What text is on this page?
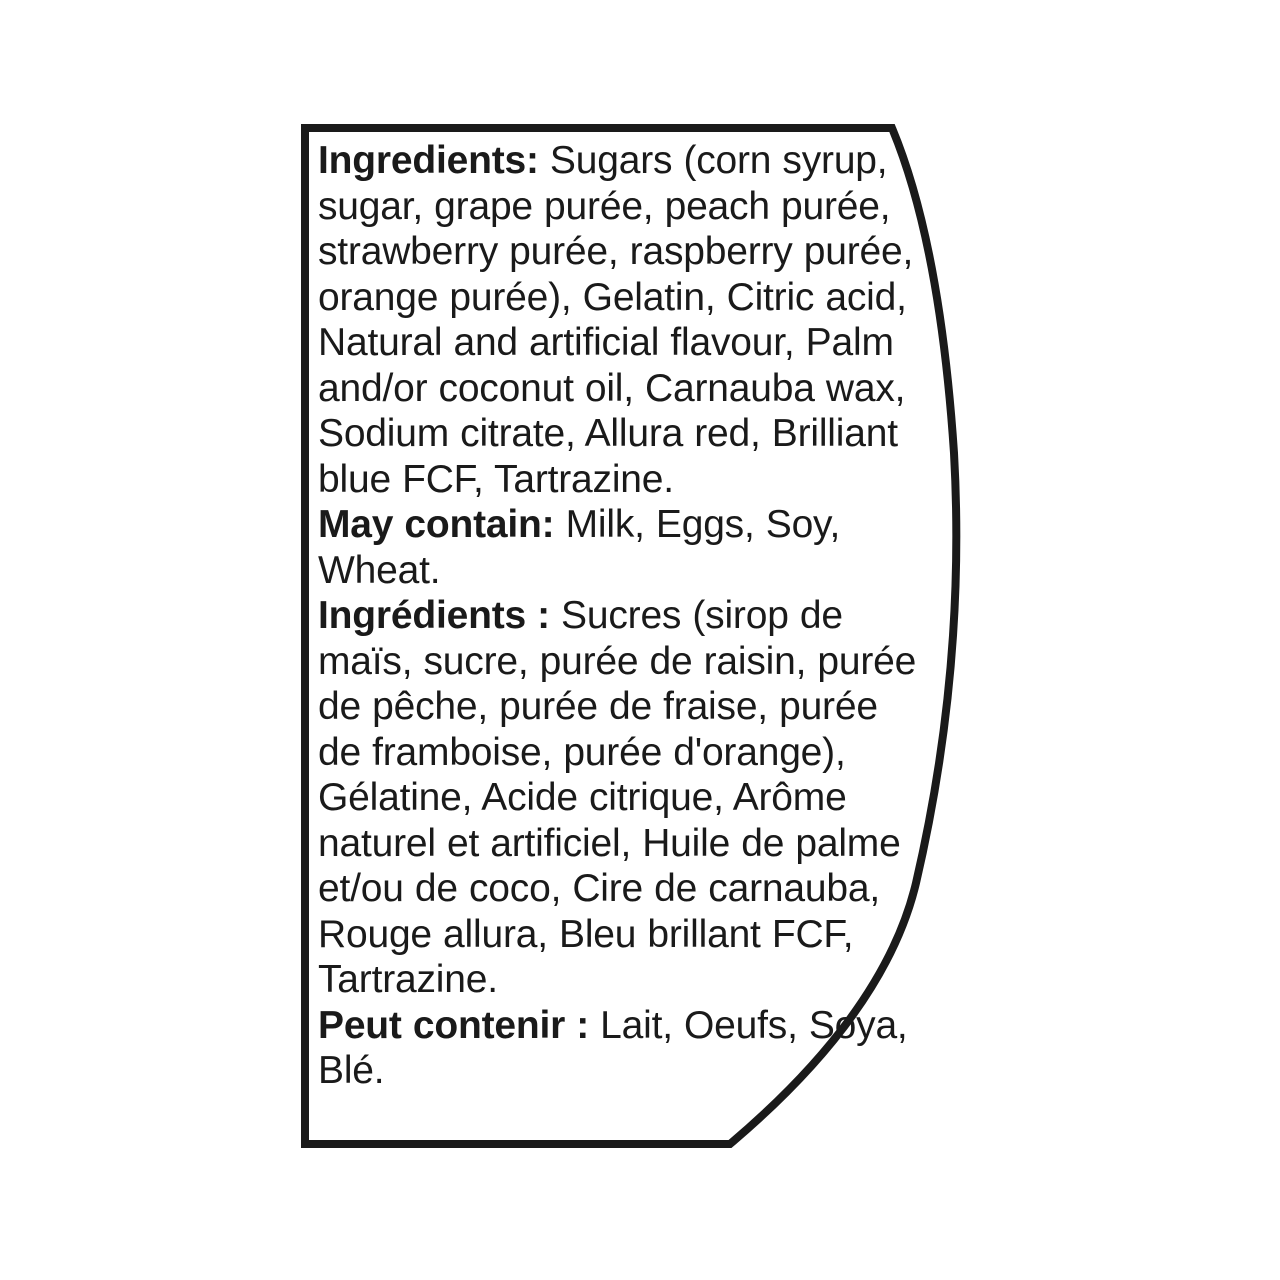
Ingredients: Sugars (corn syrup, sugar, grape purée, peach purée, strawberry purée, raspberry purée, orange purée), Gelatin, Citric acid, Natural and artificial flavour, Palm and/or coconut oil, Carnauba wax, Sodium citrate, Allura red, Brilliant blue FCF, Tartrazine.

May contain: Milk, Eggs, Soy, Wheat.

Ingrédients : Sucres (sirop de maïs, sucre, purée de raisin, purée de pêche, purée de fraise, purée de framboise, purée d'orange), Gélatine, Acide citrique, Arôme naturel et artificiel, Huile de palme et/ou de coco, Cire de carnauba, Rouge allura, Bleu brillant FCF, Tartrazine.

Peut contenir : Lait, Oeufs, Soya, Blé.
